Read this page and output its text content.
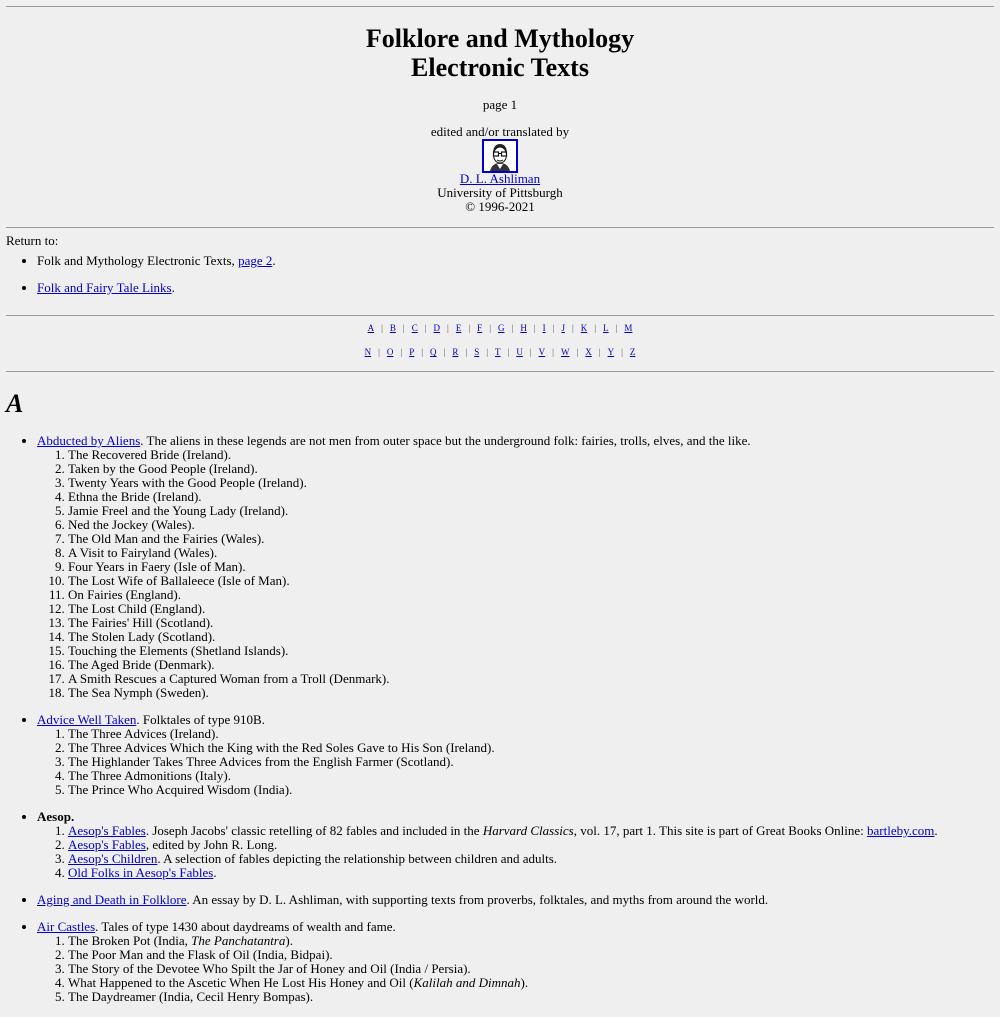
Folklore and Mythology
Electronic Texts
page 1
edited and/or translated by
D. L. Ashliman
University of Pittsburgh
© 1996-2021
Return to:
• Folk and Mythology Electronic Texts, page 2.
• Folk and Fairy Tale Links.
A | B | C | D | E | F | G | H | I | J | K | L | M
N | O | P | Q | R | S | T | U | V | W | X | Y | Z
A
• Abducted by Aliens. The aliens in these legends are not men from outer space but the underground folk: fairies, trolls, elves, and the like.
1. The Recovered Bride (Ireland).
2. Taken by the Good People (Ireland).
3. Twenty Years with the Good People (Ireland).
4. Ethna the Bride (Ireland).
5. Jamie Freel and the Young Lady (Ireland).
6. Ned the Jockey (Wales).
7. The Old Man and the Fairies (Wales).
8. A Visit to Fairyland (Wales).
9. Four Years in Faery (Isle of Man).
10. The Lost Wife of Ballaleece (Isle of Man).
11. On Fairies (England).
12. The Lost Child (England).
13. The Fairies' Hill (Scotland).
14. The Stolen Lady (Scotland).
15. Touching the Elements (Shetland Islands).
16. The Aged Bride (Denmark).
17. A Smith Rescues a Captured Woman from a Troll (Denmark).
18. The Sea Nymph (Sweden).
• Advice Well Taken. Folktales of type 910B.
1. The Three Advices (Ireland).
2. The Three Advices Which the King with the Red Soles Gave to His Son (Ireland).
3. The Highlander Takes Three Advices from the English Farmer (Scotland).
4. The Three Admonitions (Italy).
5. The Prince Who Acquired Wisdom (India).
• Aesop.
1. Aesop's Fables. Joseph Jacobs' classic retelling of 82 fables and included in the Harvard Classics, vol. 17, part 1. This site is part of Great Books Online: bartleby.com.
2. Aesop's Fables, edited by John R. Long.
3. Aesop's Children. A selection of fables depicting the relationship between children and adults.
4. Old Folks in Aesop's Fables.
• Aging and Death in Folklore. An essay by D. L. Ashliman, with supporting texts from proverbs, folktales, and myths from around the world.
• Air Castles. Tales of type 1430 about daydreams of wealth and fame.
1. The Broken Pot (India, The Panchatantra).
2. The Poor Man and the Flask of Oil (India, Bidpai).
3. The Story of the Devotee Who Spilt the Jar of Honey and Oil (India / Persia).
4. What Happened to the Ascetic When He Lost His Honey and Oil (Kalilah and Dimnah).
5. The Daydreamer (India, Cecil Henry Bompas).
